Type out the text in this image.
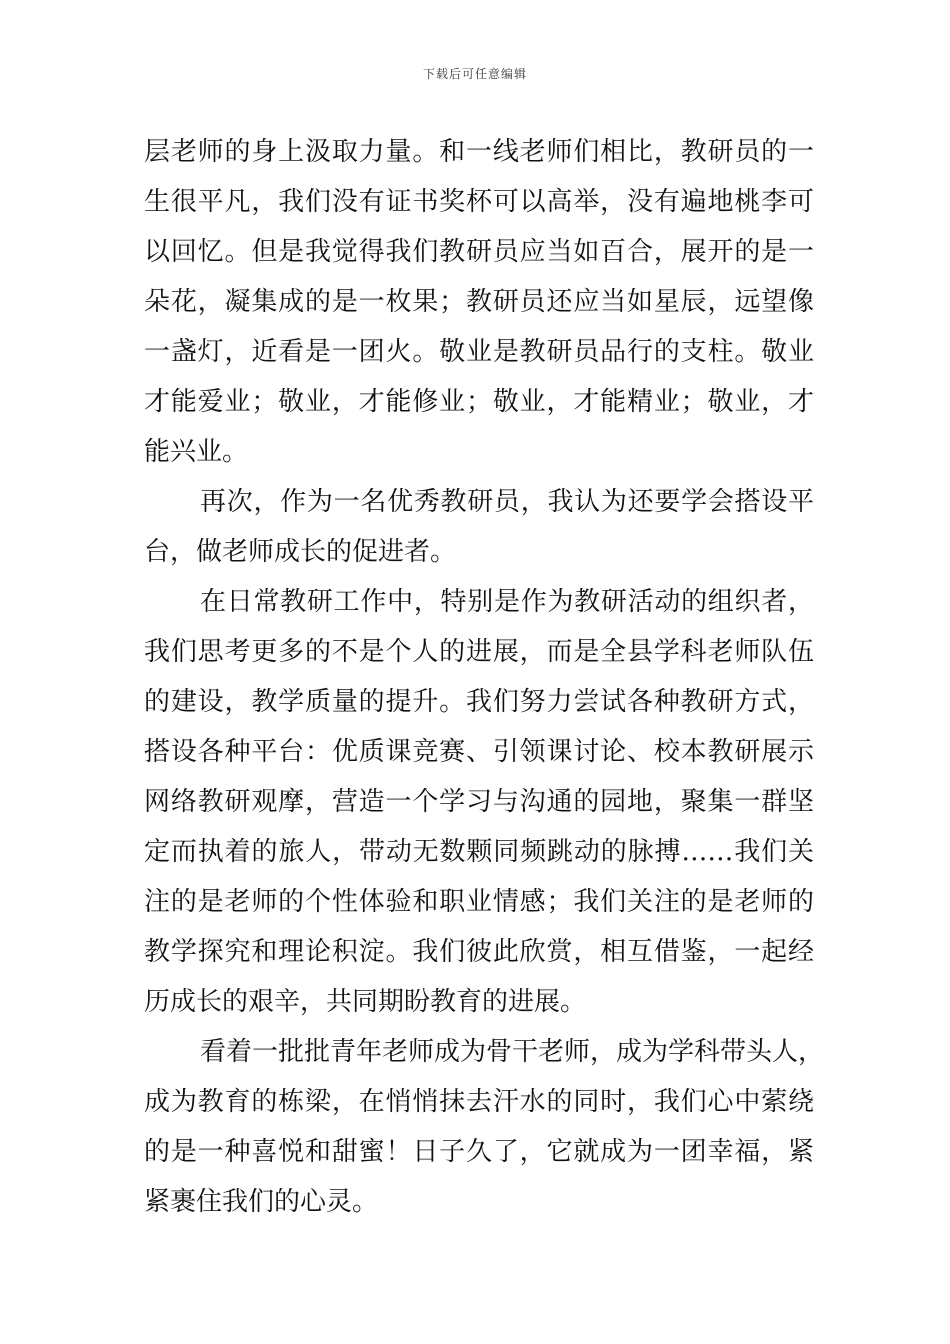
下载后可任意编辑
层老师的身上汲取力量。和一线老师们相比，教研员的一
生很平凡，我们没有证书奖杯可以高举，没有遍地桃李可
以回忆。但是我觉得我们教研员应当如百合，展开的是一
朵花，凝集成的是一枚果；教研员还应当如星辰，远望像
一盏灯，近看是一团火。敬业是教研员品行的支柱。敬业
才能爱业；敬业，才能修业；敬业，才能精业；敬业，才
能兴业。
再次，作为一名优秀教研员，我认为还要学会搭设平
台，做老师成长的促进者。
在日常教研工作中，特别是作为教研活动的组织者，
我们思考更多的不是个人的进展，而是全县学科老师队伍
的建设，教学质量的提升。我们努力尝试各种教研方式，
搭设各种平台：优质课竞赛、引领课讨论、校本教研展示
网络教研观摩，营造一个学习与沟通的园地，聚集一群坚
定而执着的旅人，带动无数颗同频跳动的脉搏……我们关
注的是老师的个性体验和职业情感；我们关注的是老师的
教学探究和理论积淀。我们彼此欣赏，相互借鉴，一起经
历成长的艰辛，共同期盼教育的进展。
看着一批批青年老师成为骨干老师，成为学科带头人，
成为教育的栋梁，在悄悄抹去汗水的同时，我们心中萦绕
的是一种喜悦和甜蜜！日子久了，它就成为一团幸福，紧
紧裹住我们的心灵。
